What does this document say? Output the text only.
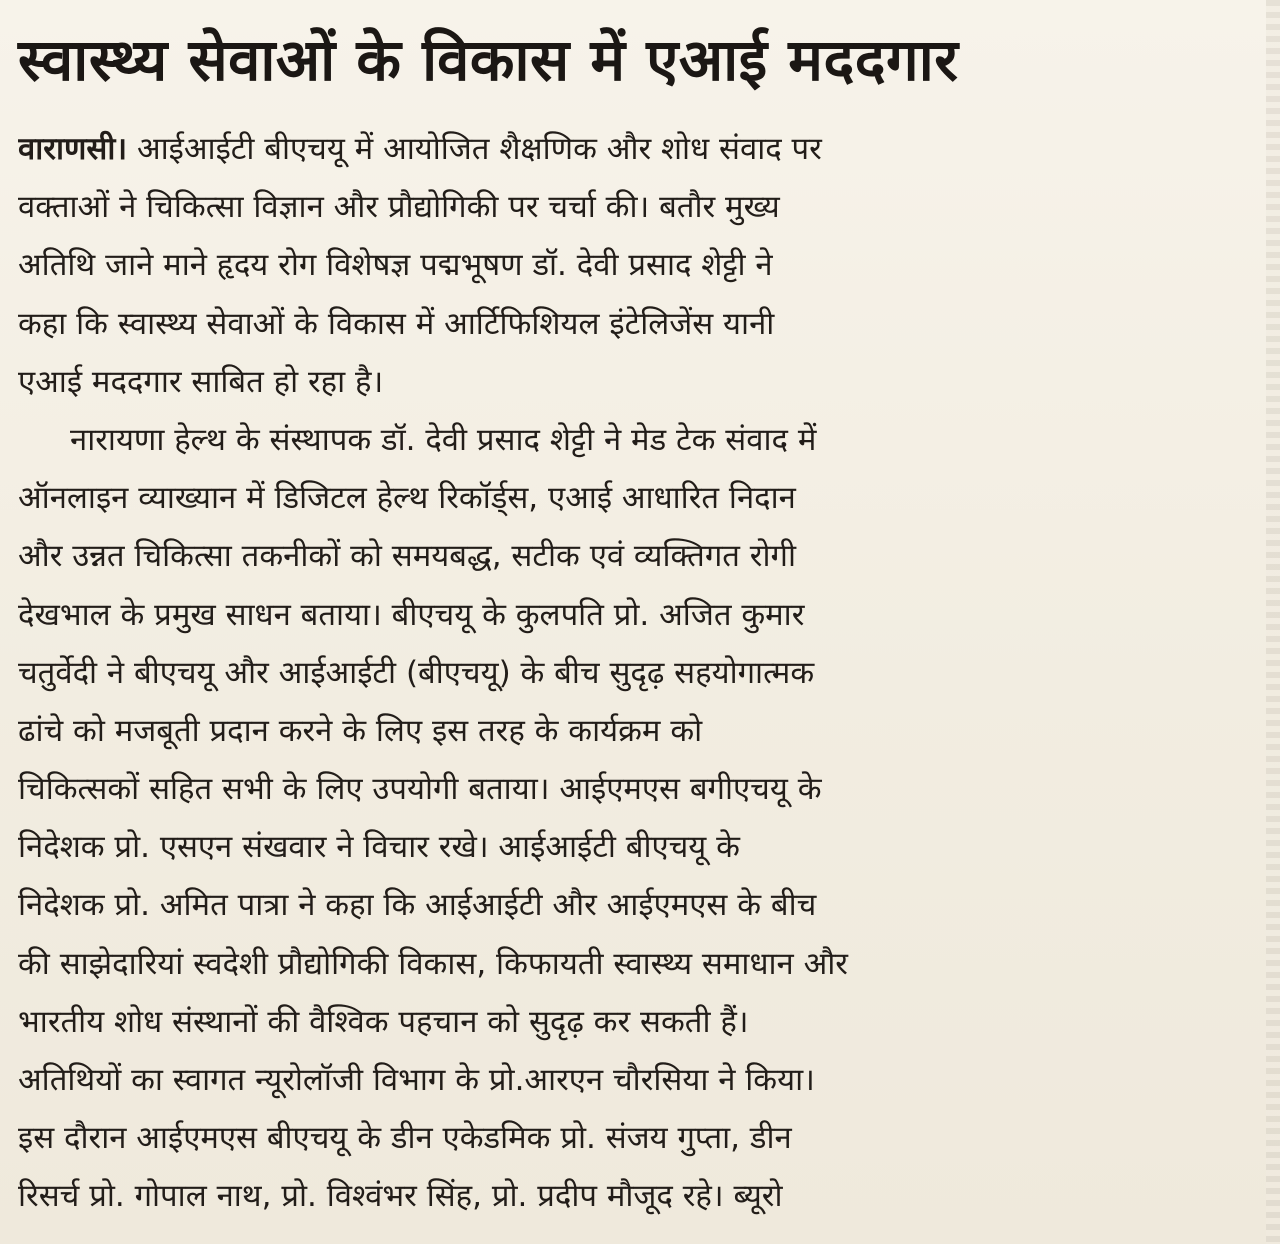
स्वास्थ्य सेवाओं के विकास में एआई मददगार
वाराणसी। आईआईटी बीएचयू में आयोजित शैक्षणिक और शोध संवाद पर
वक्ताओं ने चिकित्सा विज्ञान और प्रौद्योगिकी पर चर्चा की। बतौर मुख्य
अतिथि जाने माने हृदय रोग विशेषज्ञ पद्मभूषण डॉ. देवी प्रसाद शेट्टी ने
कहा कि स्वास्थ्य सेवाओं के विकास में आर्टिफिशियल इंटेलिजेंस यानी
एआई मददगार साबित हो रहा है।
नारायणा हेल्थ के संस्थापक डॉ. देवी प्रसाद शेट्टी ने मेड टेक संवाद में
ऑनलाइन व्याख्यान में डिजिटल हेल्थ रिकॉर्ड्स, एआई आधारित निदान
और उन्नत चिकित्सा तकनीकों को समयबद्ध, सटीक एवं व्यक्तिगत रोगी
देखभाल के प्रमुख साधन बताया। बीएचयू के कुलपति प्रो. अजित कुमार
चतुर्वेदी ने बीएचयू और आईआईटी (बीएचयू) के बीच सुदृढ़ सहयोगात्मक
ढांचे को मजबूती प्रदान करने के लिए इस तरह के कार्यक्रम को
चिकित्सकों सहित सभी के लिए उपयोगी बताया। आईएमएस बगीएचयू के
निदेशक प्रो. एसएन संखवार ने विचार रखे। आईआईटी बीएचयू के
निदेशक प्रो. अमित पात्रा ने कहा कि आईआईटी और आईएमएस के बीच
की साझेदारियां स्वदेशी प्रौद्योगिकी विकास, किफायती स्वास्थ्य समाधान और
भारतीय शोध संस्थानों की वैश्विक पहचान को सुदृढ़ कर सकती हैं।
अतिथियों का स्वागत न्यूरोलॉजी विभाग के प्रो.आरएन चौरसिया ने किया।
इस दौरान आईएमएस बीएचयू के डीन एकेडमिक प्रो. संजय गुप्ता, डीन
रिसर्च प्रो. गोपाल नाथ, प्रो. विश्वंभर सिंह, प्रो. प्रदीप मौजूद रहे। ब्यूरो
